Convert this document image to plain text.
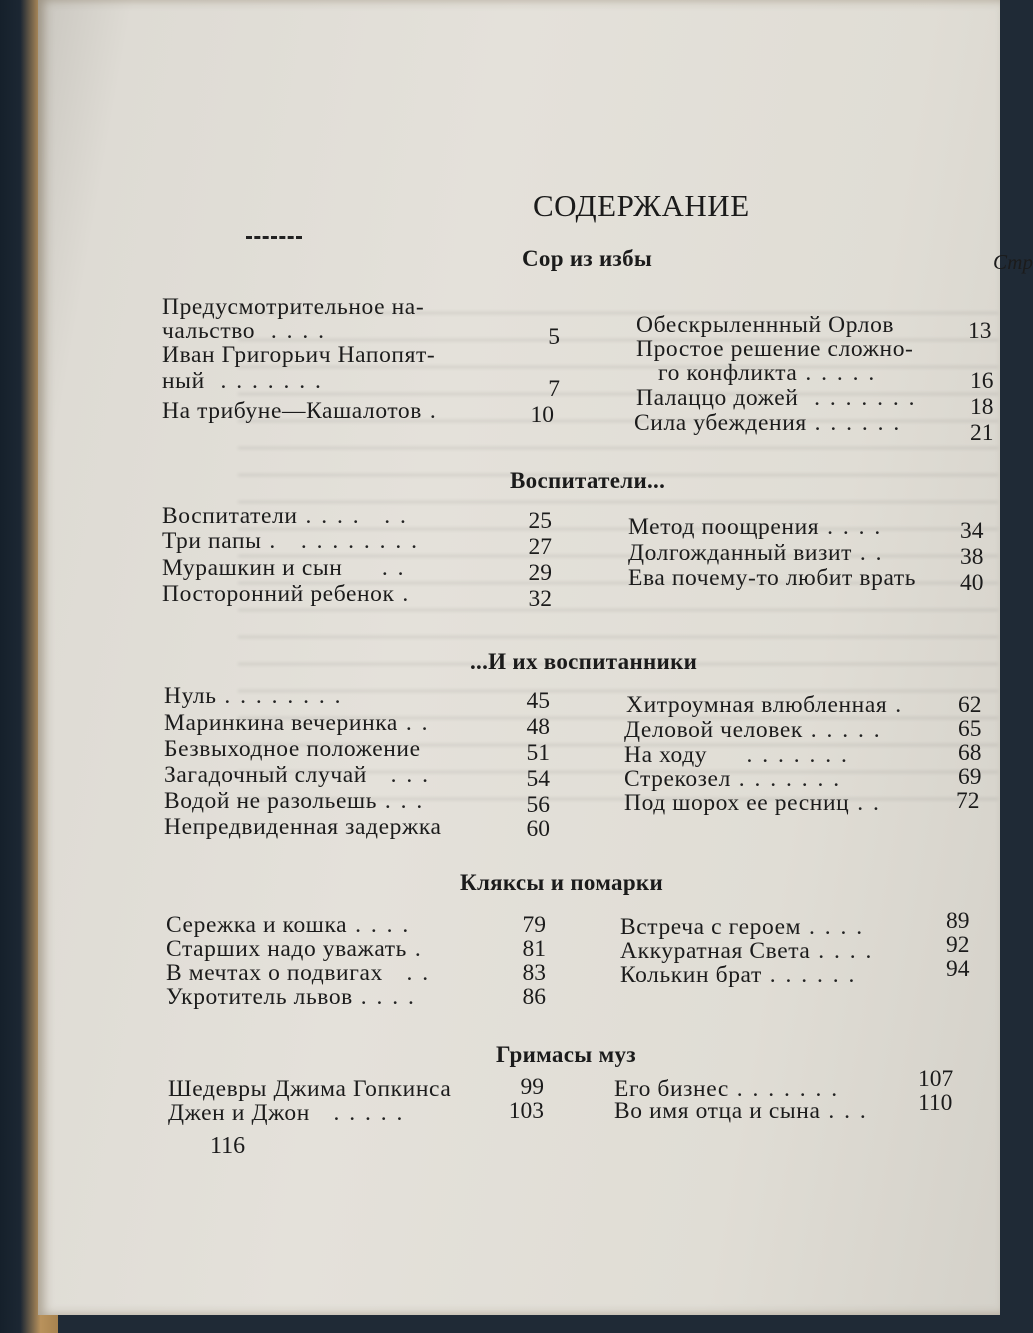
СОДЕРЖАНИЕ
Стр
Сор из избы
Воспитатели...
...И их воспитанники
Кляксы и помарки
Гримасы муз
Предусмотрительное на-
чальство  . . . .	5
Иван Григорьич Напопят-
ный  . . . . . . .	7
На трибуне—Кашалотов .	10
Обескрыленнный Орлов	13
Простое решение сложно-
го конфликта . . . . .	16
Палаццо дожей  . . . . . . . 18
Сила убеждения . . . . . .	21
Воспитатели . . . .   . .	25
Три папы .   . . . . . . . .	27
Мурашкин и сын     . .	29
Посторонний ребенок .	32
Метод поощрения . . . .	34
Долгожданный визит . .	38
Ева почему-то любит врать 40
Нуль . . . . . . . .	45
Маринкина вечеринка . .	48
Безвыходное положение	51
Загадочный случай   . . .	54
Водой не разольешь . . .	56
Непредвиденная задержка	60
Хитроумная влюбленная . 62
Деловой человек . . . . .	65
На ходу     . . . . . . .	68
Стрекозел . . . . . . .	69
Под шорох ее ресниц . .	72
Сережка и кошка . . . .	79
Старших надо уважать .	81
В мечтах о подвигах   . .	83
Укротитель львов . . . .	86
Встреча с героем . . . .	89
Аккуратная Света . . . .	92
Колькин брат . . . . . .	94
Шедевры Джима Гопкинса	99
Джен и Джон   . . . . .	103
Его бизнес . . . . . . .	107
Во имя отца и сына . . . 110
116
